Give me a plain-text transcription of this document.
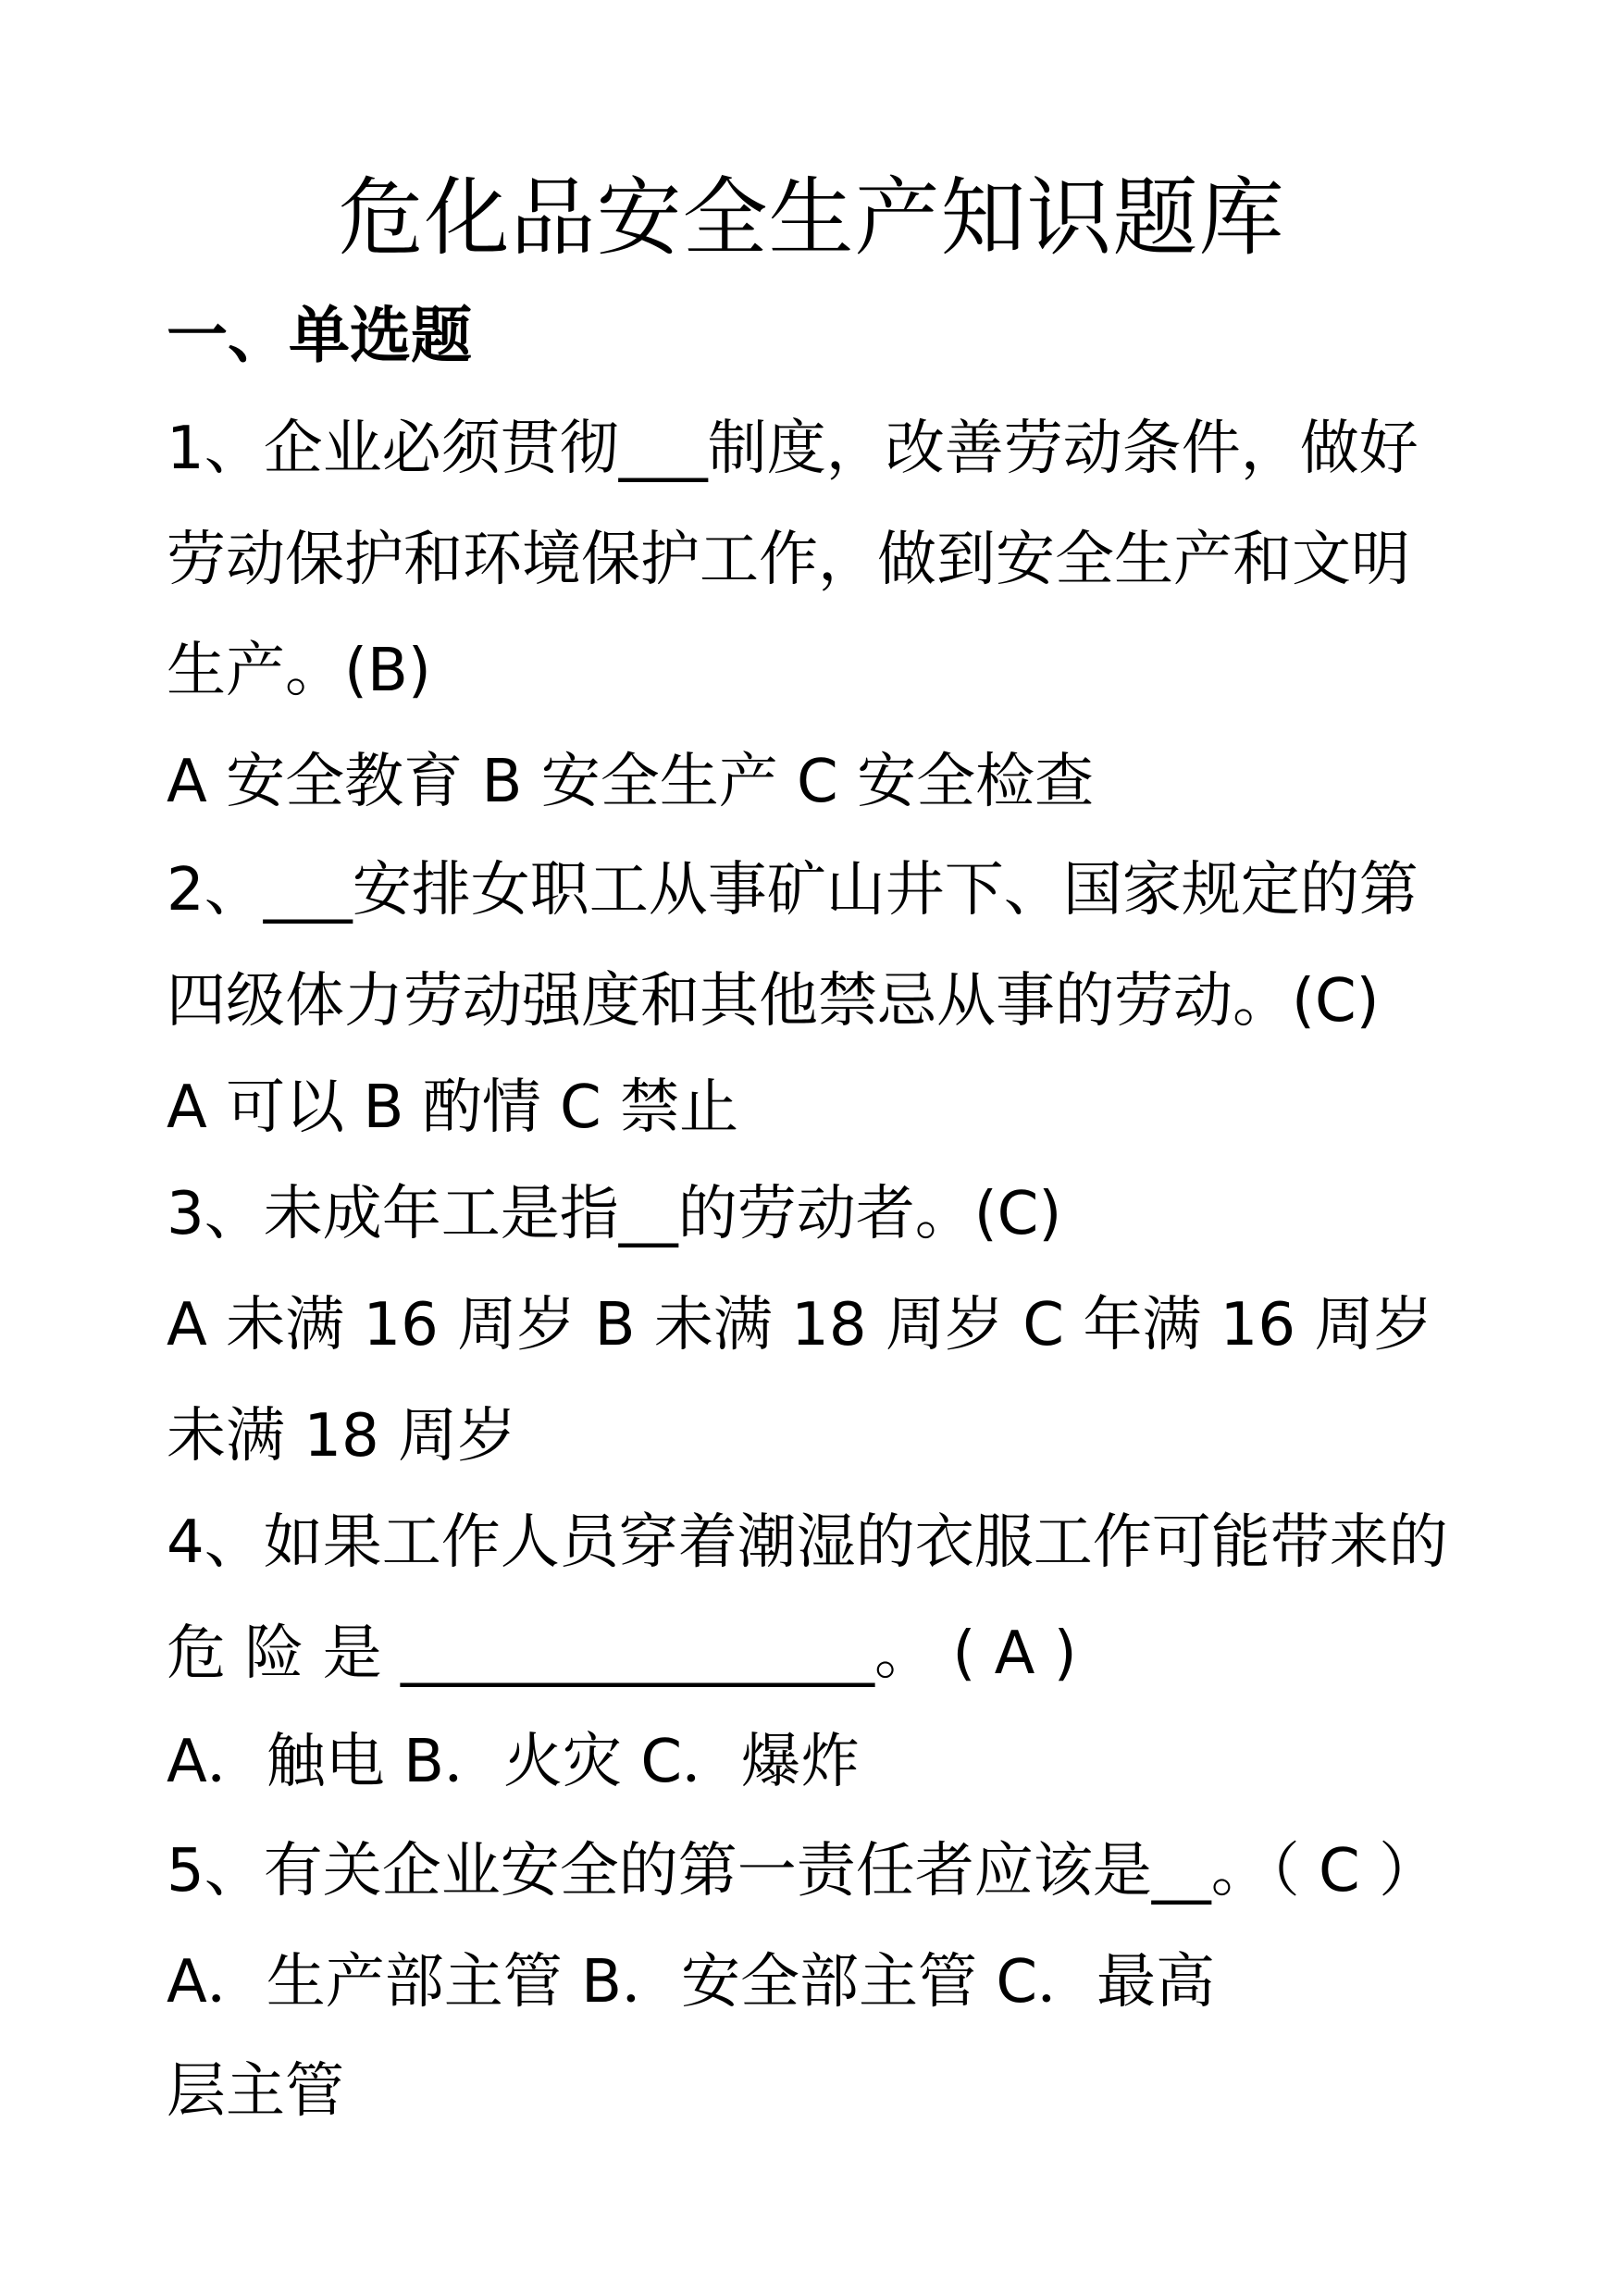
危化品安全生产知识题库
一、单选题
1、企业必须贯彻___制度，改善劳动条件，做好
劳动保护和环境保护工作，做到安全生产和文明
生产。(B)
A 安全教育 B 安全生产 C 安全检查
2、___安排女职工从事矿山井下、国家规定的第
四级体力劳动强度和其他禁忌从事的劳动。(C)
A 可以 B 酌情 C 禁止
3、未成年工是指__的劳动者。(C)
A 未满 16 周岁 B 未满 18 周岁 C 年满 16 周岁
未满 18 周岁
4、如果工作人员穿着潮湿的衣服工作可能带来的
危 险 是 ________________。 ( A )
A．触电 B．火灾 C．爆炸
5、有关企业安全的第一责任者应该是__。（ C ）
A．生产部主管 B．安全部主管 C．最高
层主管
